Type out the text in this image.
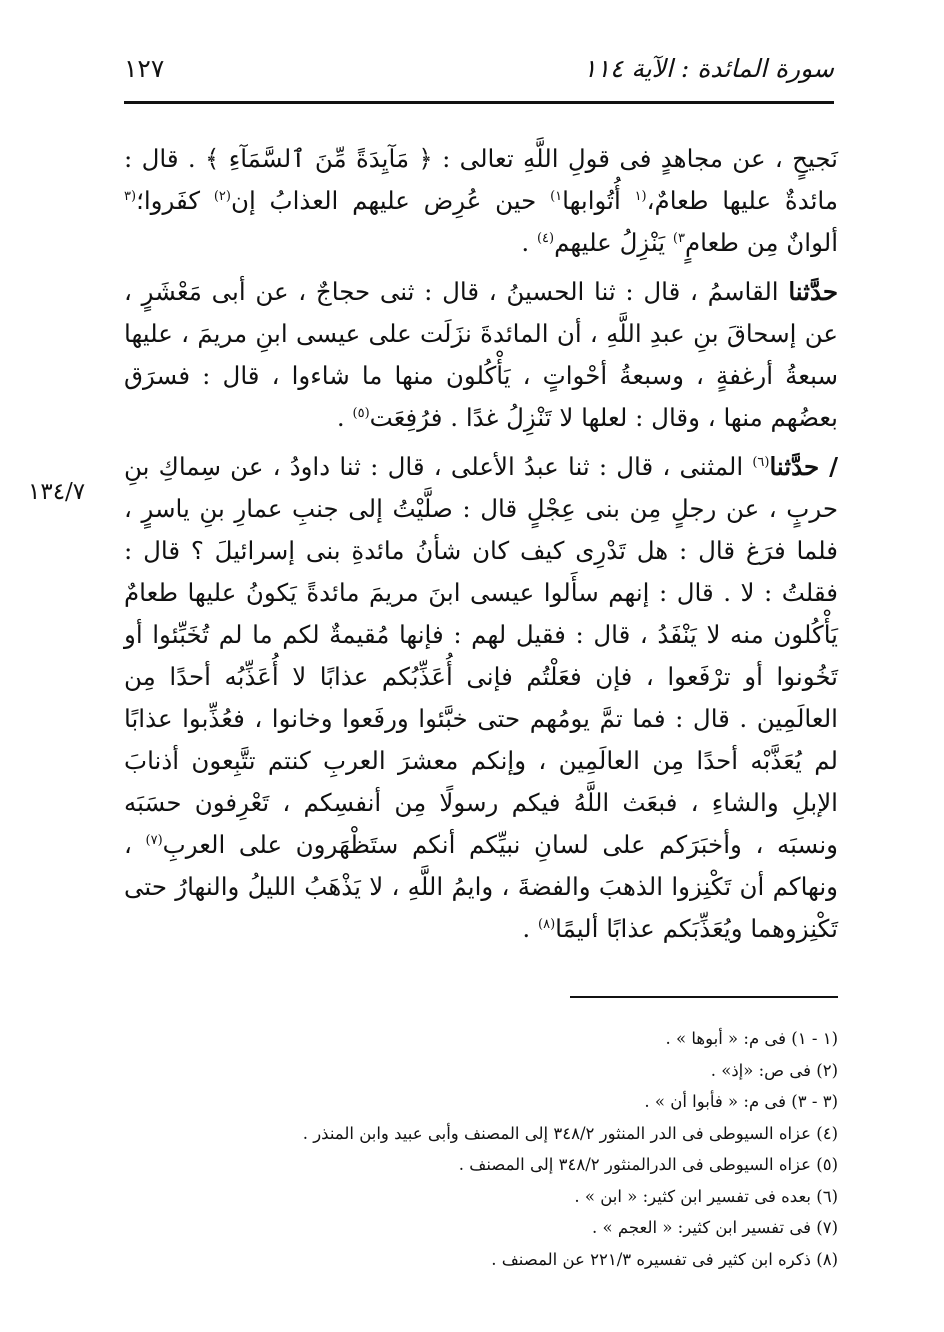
سورة المائدة : الآية ١١٤
١٢٧

نَجيحٍ ، عن مجاهدٍ فى قولِ اللَّهِ تعالى : ﴿ مَآيِدَةً مِّنَ ٱلسَّمَآءِ ﴾ . قال : مائدةٌ عليها طعامٌ،$^{(١}$ أُتُوابها$^{١)}$ حين عُرِض عليهم العذابُ إن$^{(٢)}$ كفَروا؛$^{(٣}$ ألوانٌ مِن طعامٍ$^{٣)}$ يَنْزِلُ عليهم$^{(٤)}$ .

حدَّثنا القاسمُ ، قال : ثنا الحسينُ ، قال : ثنى حجاجٌ ، عن أبى مَعْشَرٍ ، عن إسحاقَ بنِ عبدِ اللَّهِ ، أن المائدةَ نزَلَت على عيسى ابنِ مريمَ ، عليها سبعةُ أرغفةٍ ، وسبعةُ أحْواتٍ ، يَأْكُلون منها ما شاءوا ، قال : فسرَق بعضُهم منها ، وقال : لعلها لا تَنْزِلُ غدًا . فرُفِعَت$^{(٥)}$ .

/ حدَّثنا$^{(٦)}$ المثنى ، قال : ثنا عبدُ الأعلى ، قال : ثنا داودُ ، عن سِماكِ بنِ حربٍ ، عن رجلٍ مِن بنى عِجْلٍ قال : صلَّيْتُ إلى جنبِ عمارِ بنِ ياسرٍ ، فلما فرَغ قال : هل تَدْرِى كيف كان شأنُ مائدةِ بنى إسرائيلَ ؟ قال : فقلتُ : لا . قال : إنهم سأَلوا عيسى ابنَ مريمَ مائدةً يَكونُ عليها طعامٌ يَأْكُلون منه لا يَنْفَدُ ، قال : فقيل لهم : فإنها مُقيمةٌ لكم ما لم تُخَبِّئوا أو تَخُونوا أو ترْفَعوا ، فإن فعَلْتُم فإنى أُعَذِّبُكم عذابًا لا أُعَذِّبُه أحدًا مِن العالَمِين . قال : فما تمَّ يومُهم حتى خبَّئوا ورفَعوا وخانوا ، فعُذِّبوا عذابًا لم يُعَذَّبْه أحدًا مِن العالَمِين ، وإنكم معشرَ العربِ كنتم تتَّبِعون أذنابَ الإبلِ والشاءِ ، فبعَث اللَّهُ فيكم رسولًا مِن أنفسِكم ، تَعْرِفون حسَبَه ونسبَه ، وأخبَرَكم على لسانِ نبيِّكم أنكم ستَظْهَرون على العربِ$^{(٧)}$ ، ونهاكم أن تَكْنِزوا الذهبَ والفضةَ ، وايمُ اللَّهِ ، لا يَذْهَبُ الليلُ والنهارُ حتى تَكْنِزوهما ويُعَذِّبَكم عذابًا أليمًا$^{(٨)}$ .

١٣٤/٧

(١ - ١) فى م: « أبوها » .

(٢) فى ص: «إذ» .

(٣ - ٣) فى م: « فأبوا أن » .

(٤) عزاه السيوطى فى الدر المنثور ٣٤٨/٢ إلى المصنف وأبى عبيد وابن المنذر .

(٥) عزاه السيوطى فى الدرالمنثور ٣٤٨/٢ إلى المصنف .

(٦) بعده فى تفسير ابن كثير: « ابن » .

(٧) فى تفسير ابن كثير: « العجم » .

(٨) ذكره ابن كثير فى تفسيره ٢٢١/٣ عن المصنف .
